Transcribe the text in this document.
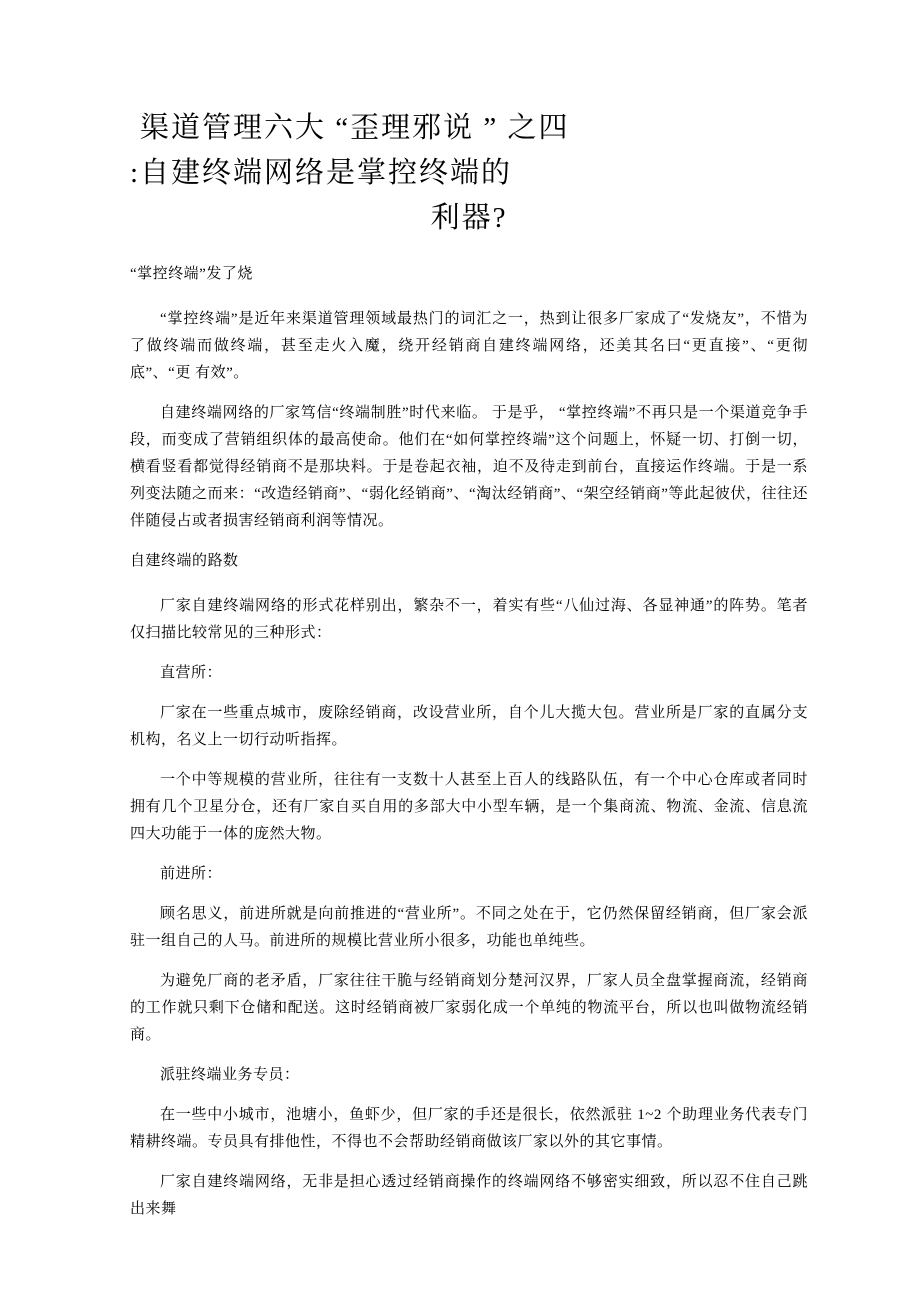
渠道管理六大 “歪理邪说 ” 之四
:自建终端网络是掌控终端的
利器?

“掌控终端”发了烧

“掌控终端”是近年来渠道管理领域最热门的词汇之一，热到让很多厂家成了“发烧友”，不惜为了做终端而做终端，甚至走火入魔，绕开经销商自建终端网络，还美其名曰“更直接”、“更彻底”、“更 有效”。

自建终端网络的厂家笃信“终端制胜”时代来临。 于是乎， “掌控终端”不再只是一个渠道竞争手段，而变成了营销组织体的最高使命。他们在“如何掌控终端”这个问题上，怀疑一切、打倒一切，横看竖看都觉得经销商不是那块料。于是卷起衣袖，迫不及待走到前台，直接运作终端。于是一系列变法随之而来：“改造经销商”、“弱化经销商”、“淘汰经销商”、“架空经销商”等此起彼伏，往往还伴随侵占或者损害经销商利润等情况。

自建终端的路数

厂家自建终端网络的形式花样别出，繁杂不一，着实有些“八仙过海、各显神通”的阵势。笔者仅扫描比较常见的三种形式：

直营所：

厂家在一些重点城市，废除经销商，改设营业所，自个儿大揽大包。营业所是厂家的直属分支机构，名义上一切行动听指挥。

一个中等规模的营业所，往往有一支数十人甚至上百人的线路队伍，有一个中心仓库或者同时拥有几个卫星分仓，还有厂家自买自用的多部大中小型车辆，是一个集商流、物流、金流、信息流四大功能于一体的庞然大物。

前进所：

顾名思义，前进所就是向前推进的“营业所”。不同之处在于，它仍然保留经销商，但厂家会派驻一组自己的人马。前进所的规模比营业所小很多，功能也单纯些。

为避免厂商的老矛盾，厂家往往干脆与经销商划分楚河汉界，厂家人员全盘掌握商流，经销商的工作就只剩下仓储和配送。这时经销商被厂家弱化成一个单纯的物流平台，所以也叫做物流经销商。

派驻终端业务专员：

在一些中小城市，池塘小，鱼虾少，但厂家的手还是很长，依然派驻 1~2 个助理业务代表专门精耕终端。专员具有排他性，不得也不会帮助经销商做该厂家以外的其它事情。

厂家自建终端网络，无非是担心透过经销商操作的终端网络不够密实细致，所以忍不住自己跳出来舞
